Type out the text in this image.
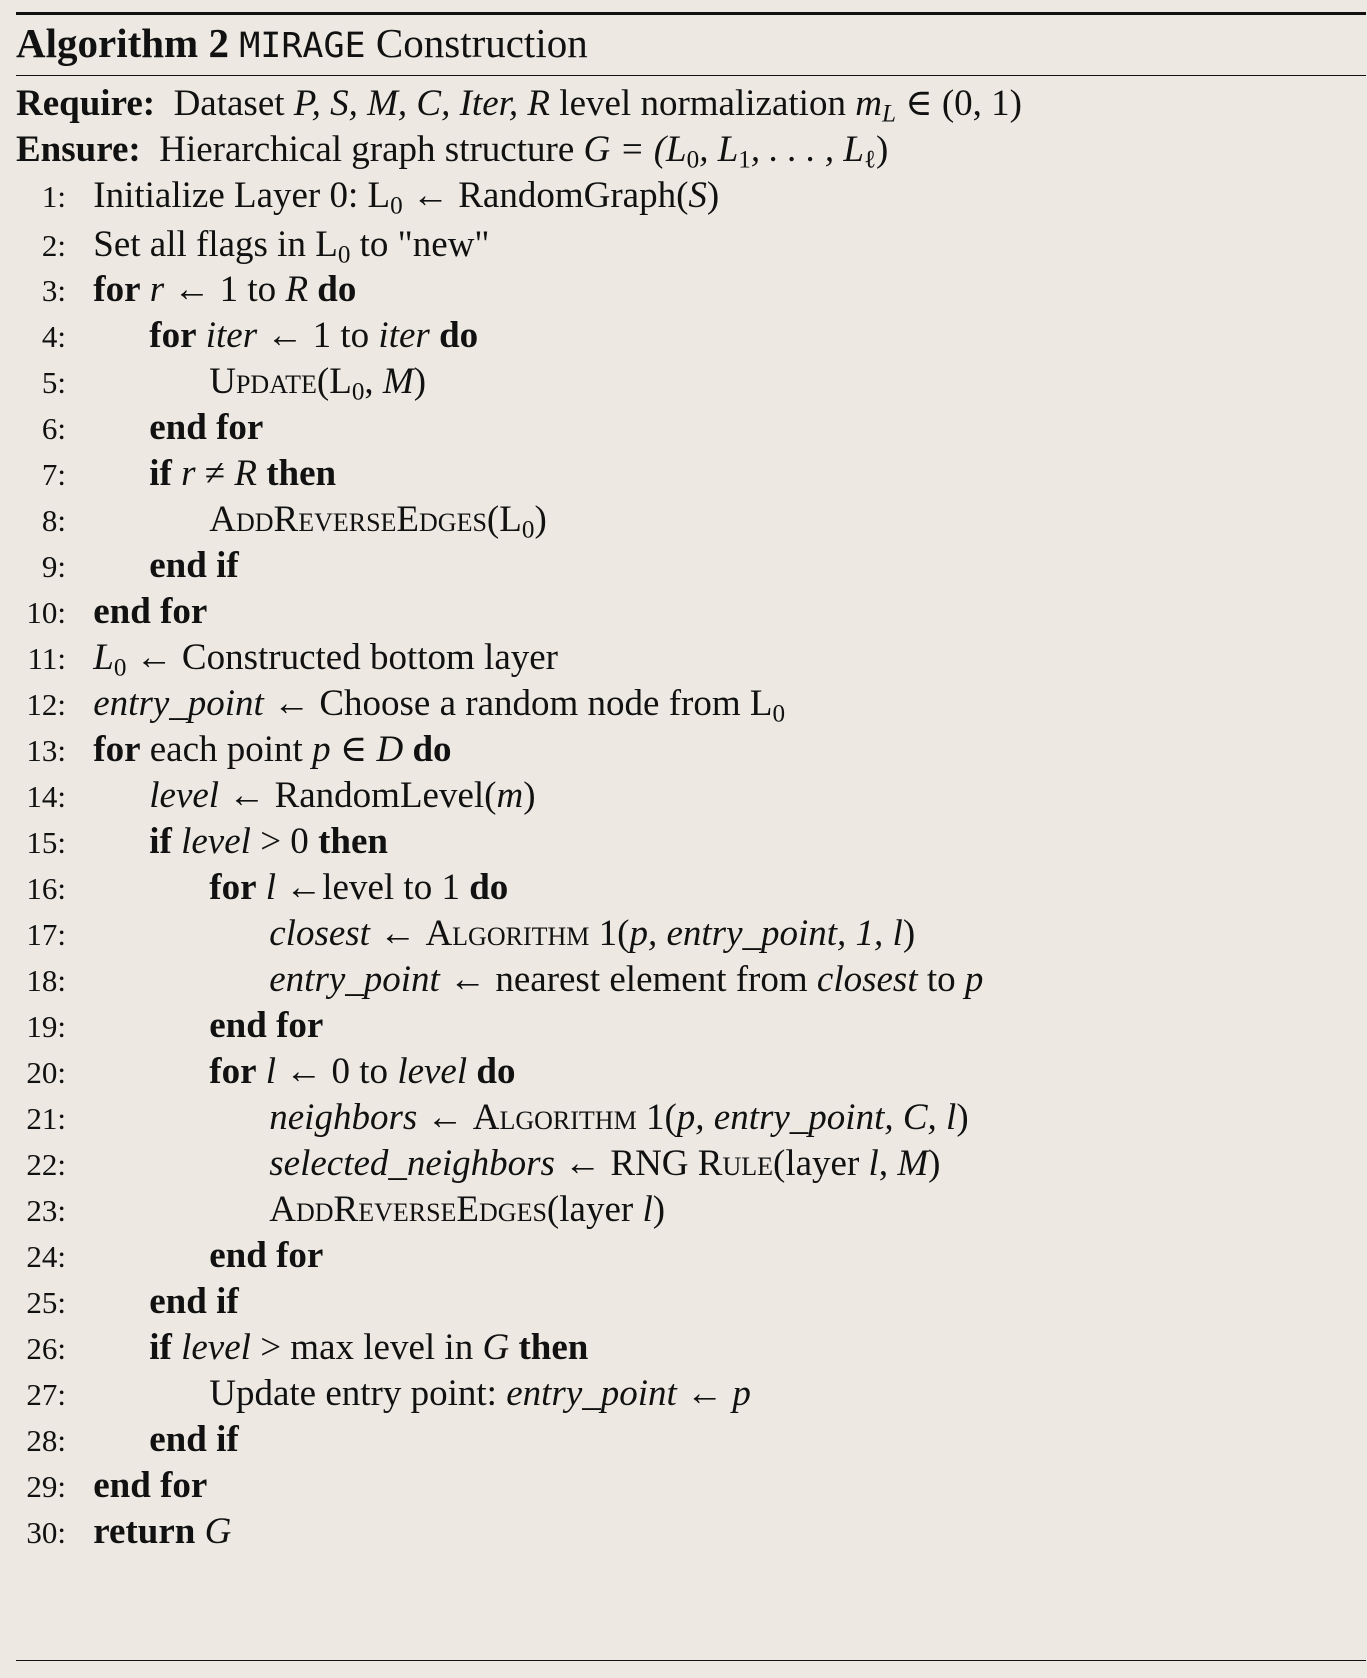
Algorithm 2 MIRAGE Construction
Require: Dataset P, S, M, C, Iter, R level normalization $m_L$ ∈ (0, 1)
Ensure: Hierarchical graph structure $G = (L_0$, $L_1$, . . . , $L_\ell$)
1: Initialize Layer 0: $L_0$ ← RandomGraph(S)
2: Set all flags in $L_0$ to "new"
3: for r ← 1 to R do
4: for iter ← 1 to iter do
5:	$Update(L_0$, M)
6: end for
7: if r ≠ R then
8:	$AddReverseEdges(L_0)$
9: end if
10: end for
11: $L_0$ ← Constructed bottom layer
12: entry_point ← Choose a random node from $L_0$
13: for each point p ∈ D do
14: level ← RandomLevel(m)
15: if level > 0 then
16:	for l ←level to 1 do
17:	closest ← Algorithm 1(p, entry_point, 1, l)
18:	entry_point ← nearest element from closest to p
19:	end for
20:	for l ← 0 to level do
21:	neighbors ← Algorithm 1(p, entry_point, C, l)
22:	selected_neighbors ← RNG Rule(layer l, M)
23:	AddReverseEdges(layer l)
24:	end for
25: end if
26: if level > max level in G then
27:	Update entry point: entry_point ← p
28: end if
29: end for
30: return G
